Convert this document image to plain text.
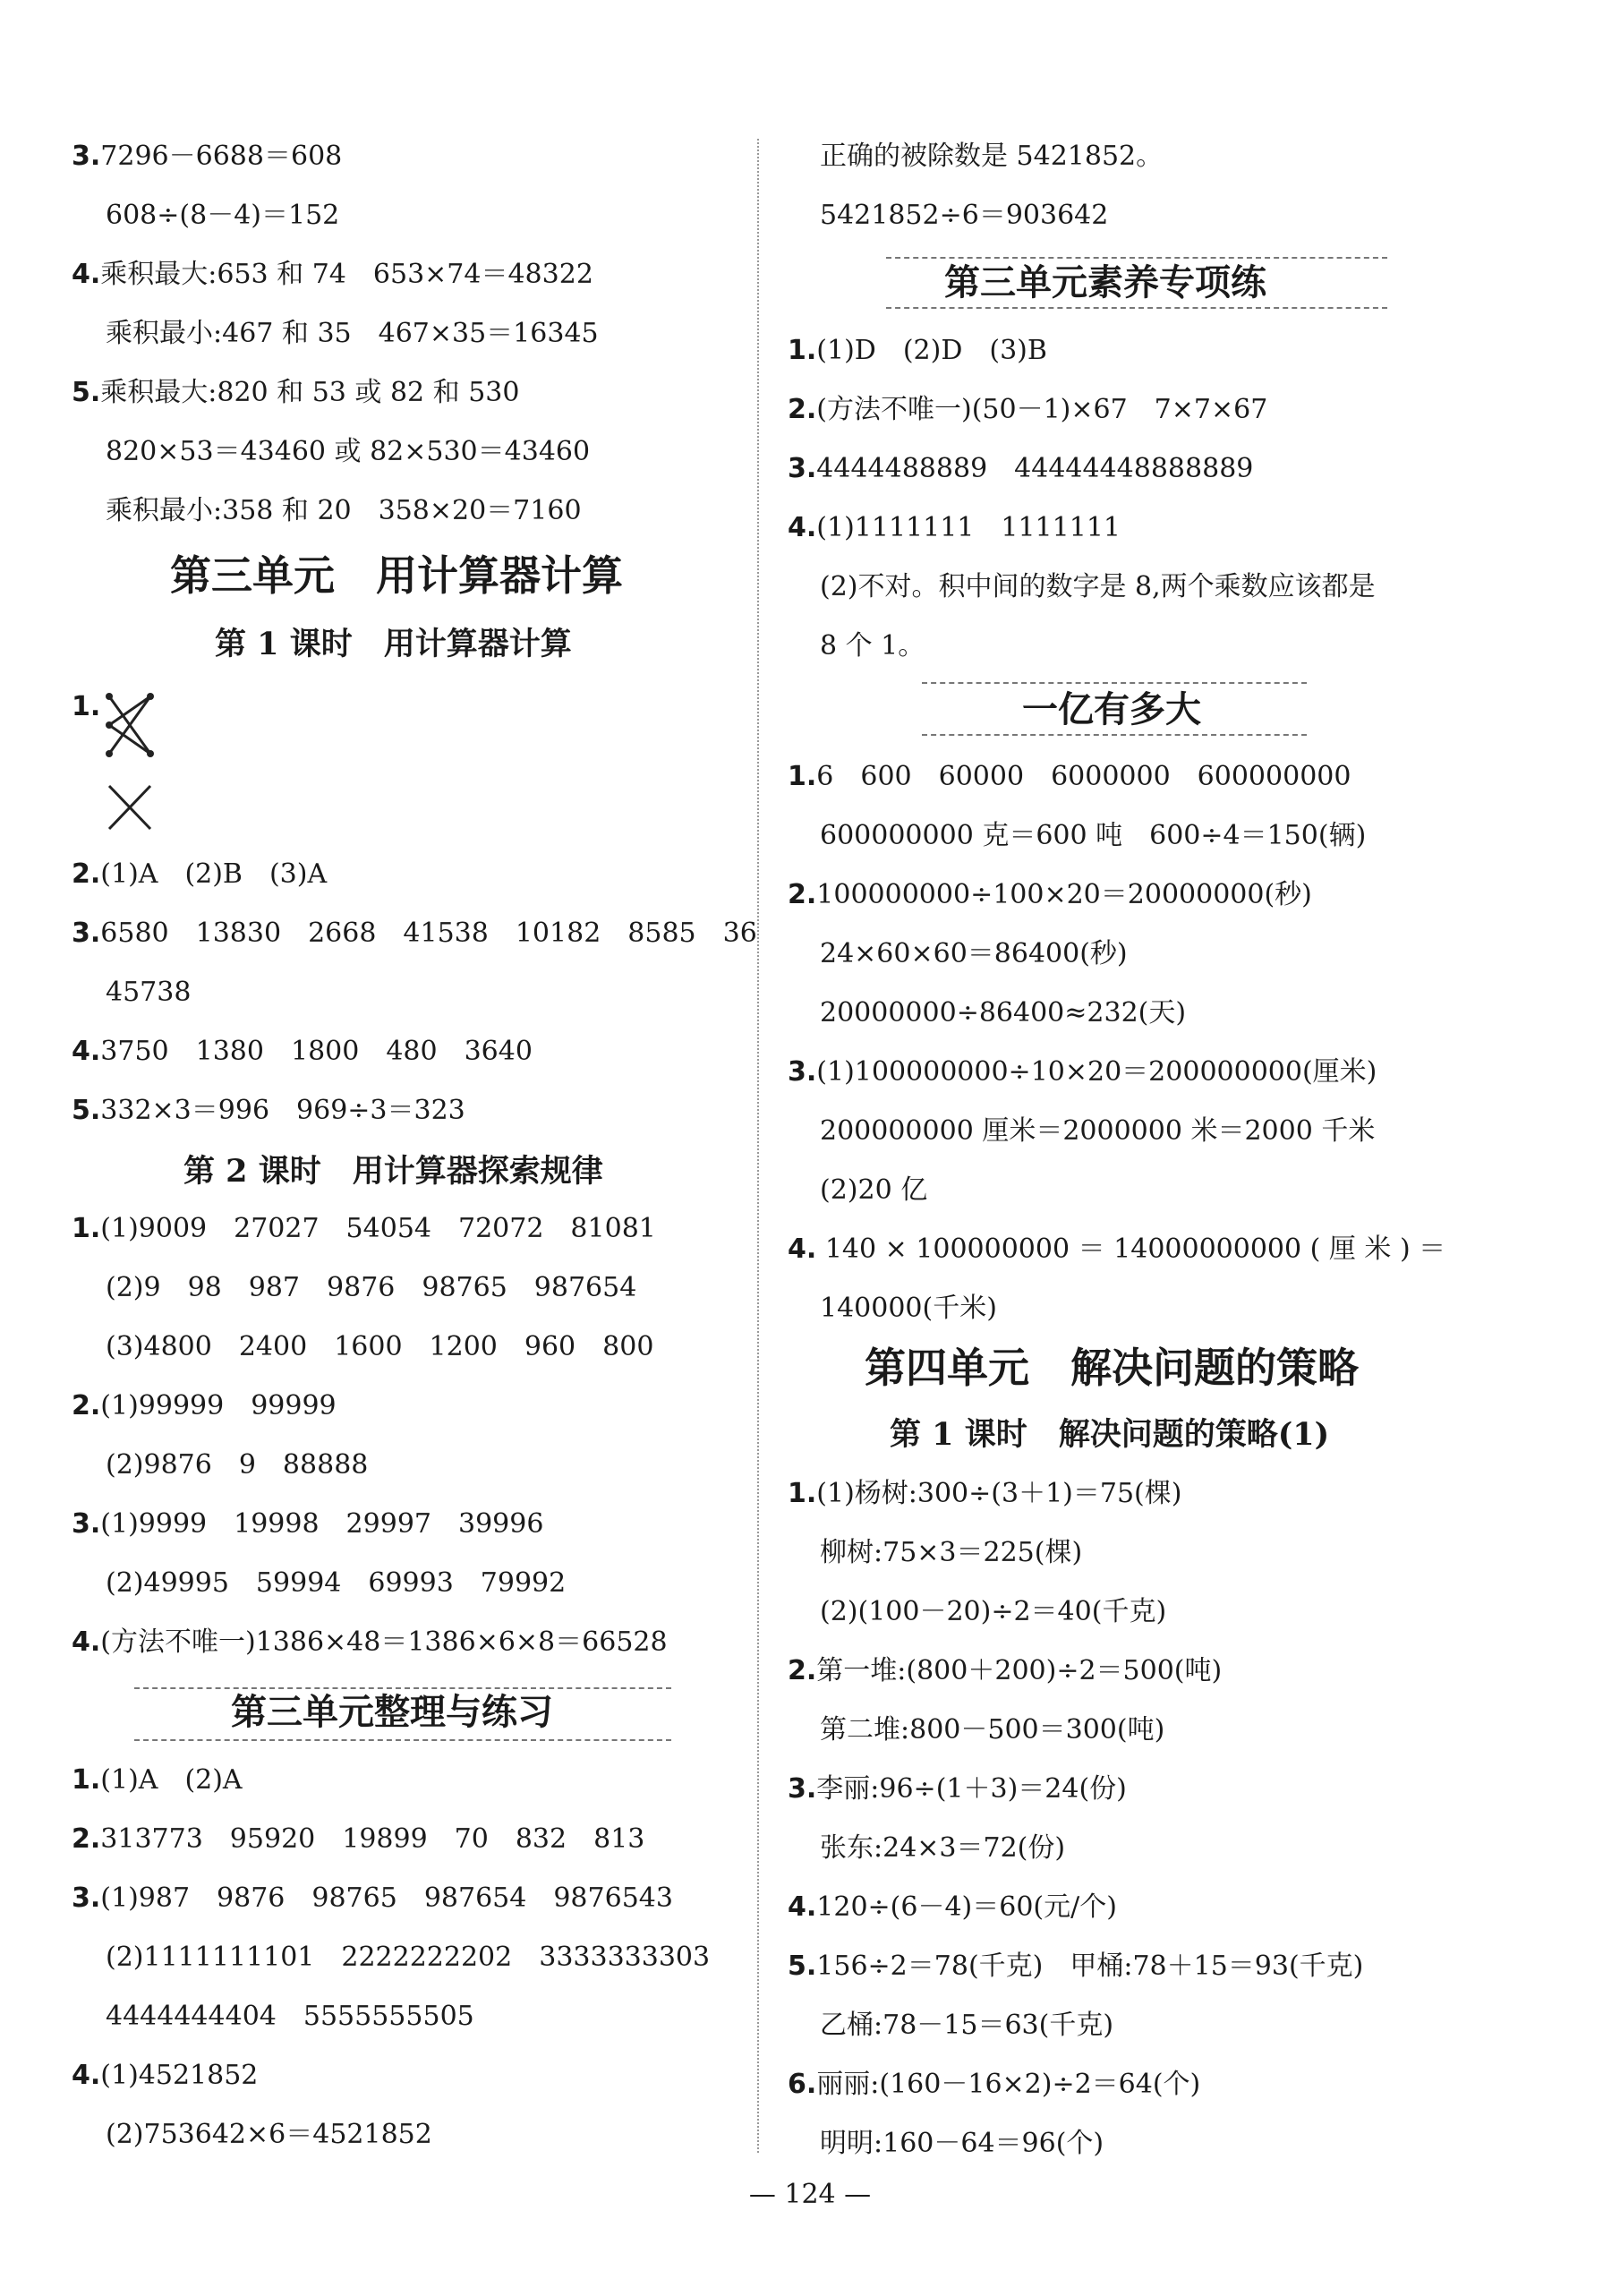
3.7296－6688＝608
608÷(8－4)＝152
4.乘积最大:653 和 74　653×74＝48322
乘积最小:467 和 35　467×35＝16345
5.乘积最大:820 和 53 或 82 和 530
820×53＝43460 或 82×530＝43460
乘积最小:358 和 20　358×20＝7160
第三单元　用计算器计算
第 1 课时　用计算器计算
1.
2.(1)A　(2)B　(3)A
3.6580　13830　2668　41538　10182　8585　36
45738
4.3750　1380　1800　480　3640
5.332×3＝996　969÷3＝323
第 2 课时　用计算器探索规律
1.(1)9009　27027　54054　72072　81081
(2)9　98　987　9876　98765　987654
(3)4800　2400　1600　1200　960　800
2.(1)99999　99999
(2)9876　9　88888
3.(1)9999　19998　29997　39996
(2)49995　59994　69993　79992
4.(方法不唯一)1386×48＝1386×6×8＝66528
第三单元整理与练习
1.(1)A　(2)A
2.313773　95920　19899　70　832　813
3.(1)987　9876　98765　987654　9876543
(2)1111111101　2222222202　3333333303
4444444404　5555555505
4.(1)4521852
(2)753642×6＝4521852
正确的被除数是 5421852。
5421852÷6＝903642
第三单元素养专项练
1.(1)D　(2)D　(3)B
2.(方法不唯一)(50－1)×67　7×7×67
3.4444488889　44444448888889
4.(1)1111111　1111111
(2)不对。积中间的数字是 8,两个乘数应该都是
8 个 1。
一亿有多大
1.6　600　60000　6000000　600000000
600000000 克＝600 吨　600÷4＝150(辆)
2.100000000÷100×20＝20000000(秒)
24×60×60＝86400(秒)
20000000÷86400≈232(天)
3.(1)100000000÷10×20＝200000000(厘米)
200000000 厘米＝2000000 米＝2000 千米
(2)20 亿
4. 140 × 100000000 ＝ 14000000000 ( 厘 米 ) ＝
140000(千米)
第四单元　解决问题的策略
第 1 课时　解决问题的策略(1)
1.(1)杨树:300÷(3＋1)＝75(棵)
柳树:75×3＝225(棵)
(2)(100－20)÷2＝40(千克)
2.第一堆:(800＋200)÷2＝500(吨)
第二堆:800－500＝300(吨)
3.李丽:96÷(1＋3)＝24(份)
张东:24×3＝72(份)
4.120÷(6－4)＝60(元/个)
5.156÷2＝78(千克)　甲桶:78＋15＝93(千克)
乙桶:78－15＝63(千克)
6.丽丽:(160－16×2)÷2＝64(个)
明明:160－64＝96(个)
— 124 —
